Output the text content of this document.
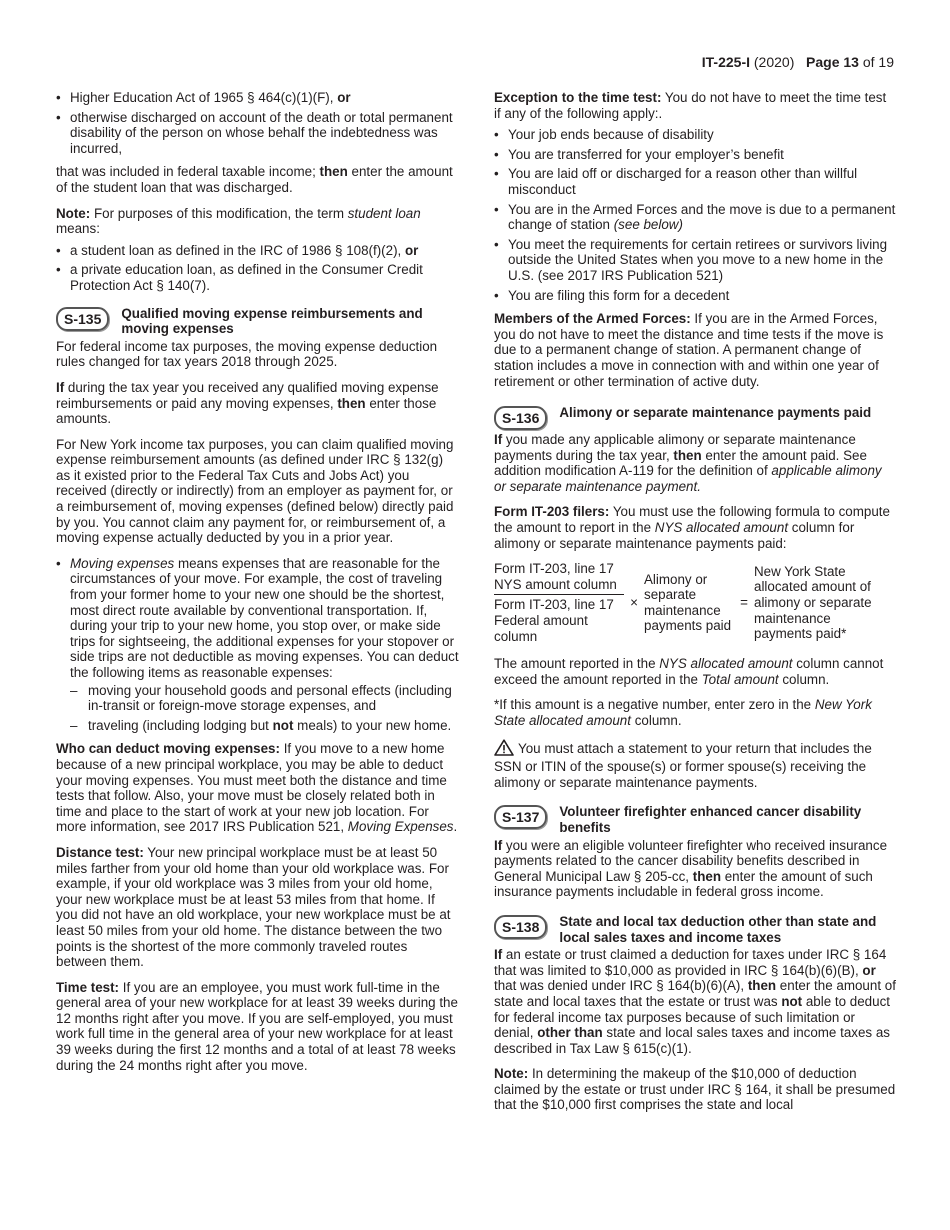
IT-225-I (2020) Page 13 of 19
• Higher Education Act of 1965 § 464(c)(1)(F), or
• otherwise discharged on account of the death or total permanent disability of the person on whose behalf the indebtedness was incurred,

that was included in federal taxable income; then enter the amount of the student loan that was discharged.

Note: For purposes of this modification, the term student loan means:

• a student loan as defined in the IRC of 1986 § 108(f)(2), or
• a private education loan, as defined in the Consumer Credit Protection Act § 140(7).
S-135	Qualified moving expense reimbursements and moving expenses

For federal income tax purposes, the moving expense deduction rules changed for tax years 2018 through 2025.

If during the tax year you received any qualified moving expense reimbursements or paid any moving expenses, then enter those amounts.

For New York income tax purposes, you can claim qualified moving expense reimbursement amounts (as defined under IRC § 132(g) as it existed prior to the Federal Tax Cuts and Jobs Act) you received (directly or indirectly) from an employer as payment for, or a reimbursement of, moving expenses (defined below) directly paid by you. You cannot claim any payment for, or reimbursement of, a moving expense actually deducted by you in a prior year.

• Moving expenses means expenses that are reasonable for the circumstances of your move. For example, the cost of traveling from your former home to your new one should be the shortest, most direct route available by conventional transportation. If, during your trip to your new home, you stop over, or make side trips for sightseeing, the additional expenses for your stopover or side trips are not deductible as moving expenses. You can deduct the following items as reasonable expenses:
– moving your household goods and personal effects (including in-transit or foreign-move storage expenses, and
– traveling (including lodging but not meals) to your new home.

Who can deduct moving expenses: If you move to a new home because of a new principal workplace, you may be able to deduct your moving expenses. You must meet both the distance and time tests that follow. Also, your move must be closely related both in time and place to the start of work at your new job location. For more information, see 2017 IRS Publication 521, Moving Expenses.

Distance test: Your new principal workplace must be at least 50 miles farther from your old home than your old workplace was. For example, if your old workplace was 3 miles from your old home, your new workplace must be at least 53 miles from that home. If you did not have an old workplace, your new workplace must be at least 50 miles from your old home. The distance between the two points is the shortest of the more commonly traveled routes between them.

Time test: If you are an employee, you must work full-time in the general area of your new workplace for at least 39 weeks during the 12 months right after you move. If you are self-employed, you must work full time in the general area of your new workplace for at least 39 weeks during the first 12 months and a total of at least 78 weeks during the 24 months right after you move.

Exception to the time test: You do not have to meet the time test if any of the following apply:.

• Your job ends because of disability
• You are transferred for your employer’s benefit
• You are laid off or discharged for a reason other than willful misconduct
• You are in the Armed Forces and the move is due to a permanent change of station (see below)
• You meet the requirements for certain retirees or survivors living outside the United States when you move to a new home in the U.S. (see 2017 IRS Publication 521)
• You are filing this form for a decedent

Members of the Armed Forces: If you are in the Armed Forces, you do not have to meet the distance and time tests if the move is due to a permanent change of station. A permanent change of station includes a move in connection with and within one year of retirement or other termination of active duty.

S-136	Alimony or separate maintenance payments paid

If you made any applicable alimony or separate maintenance payments during the tax year, then enter the amount paid. See addition modification A-119 for the definition of applicable alimony or separate maintenance payment.

Form IT-203 filers: You must use the following formula to compute the amount to report in the NYS allocated amount column for alimony or separate maintenance payments paid:

Form IT-203, line 17
NYS amount column
Form IT-203, line 17
Federal amount column ×
Alimony or separate maintenance payments paid
=
New York State allocated amount of alimony or separate maintenance payments paid*

The amount reported in the NYS allocated amount column cannot exceed the amount reported in the Total amount column.

*If this amount is a negative number, enter zero in the New York State allocated amount column.

You must attach a statement to your return that includes the SSN or ITIN of the spouse(s) or former spouse(s) receiving the alimony or separate maintenance payments.

S-137	Volunteer firefighter enhanced cancer disability benefits

If you were an eligible volunteer firefighter who received insurance payments related to the cancer disability benefits described in General Municipal Law § 205-cc, then enter the amount of such insurance payments includable in federal gross income.

S-138	State and local tax deduction other than state and local sales taxes and income taxes

If an estate or trust claimed a deduction for taxes under IRC § 164 that was limited to $10,000 as provided in IRC § 164(b)(6)(B), or that was denied under IRC § 164(b)(6)(A), then enter the amount of state and local taxes that the estate or trust was not able to deduct for federal income tax purposes because of such limitation or denial, other than state and local sales taxes and income taxes as described in Tax Law § 615(c)(1).

Note: In determining the makeup of the $10,000 of deduction claimed by the estate or trust under IRC § 164, it shall be presumed that the $10,000 first comprises the state and local
